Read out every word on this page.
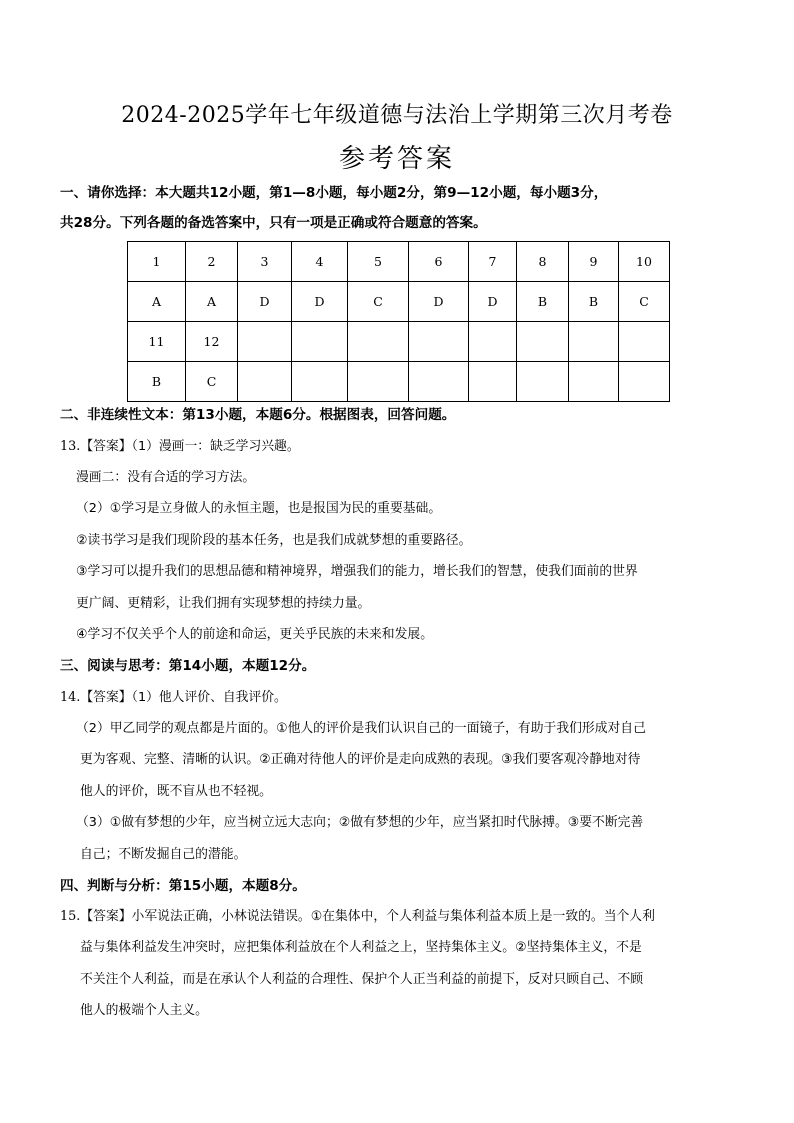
2024-2025学年七年级道德与法治上学期第三次月考卷
参考答案
一、请你选择：本大题共12小题，第1—8小题，每小题2分，第9—12小题，每小题3分，
共28分。下列各题的备选答案中，只有一项是正确或符合题意的答案。
1	2	3	4	5	6	7	8	9	10
A	A	D	D	C	D	D	B	B	C
11	12								
B	C								
二、非连续性文本：第13小题，本题6分。根据图表，回答问题。
13.【答案】（1）漫画一：缺乏学习兴趣。
漫画二：没有合适的学习方法。
（2）①学习是立身做人的永恒主题，也是报国为民的重要基础。
②读书学习是我们现阶段的基本任务，也是我们成就梦想的重要路径。
③学习可以提升我们的思想品德和精神境界，增强我们的能力，增长我们的智慧，使我们面前的世界
更广阔、更精彩，让我们拥有实现梦想的持续力量。
④学习不仅关乎个人的前途和命运，更关乎民族的未来和发展。
三、阅读与思考：第14小题，本题12分。
14.【答案】（1）他人评价、自我评价。
（2）甲乙同学的观点都是片面的。①他人的评价是我们认识自己的一面镜子，有助于我们形成对自己
更为客观、完整、清晰的认识。②正确对待他人的评价是走向成熟的表现。③我们要客观冷静地对待
他人的评价，既不盲从也不轻视。
（3）①做有梦想的少年，应当树立远大志向；②做有梦想的少年，应当紧扣时代脉搏。③要不断完善
自己；不断发掘自己的潜能。
四、判断与分析：第15小题，本题8分。
15.【答案】小军说法正确，小林说法错误。①在集体中，个人利益与集体利益本质上是一致的。当个人利
益与集体利益发生冲突时，应把集体利益放在个人利益之上，坚持集体主义。②坚持集体主义，不是
不关注个人利益，而是在承认个人利益的合理性、保护个人正当利益的前提下，反对只顾自己、不顾
他人的极端个人主义。
